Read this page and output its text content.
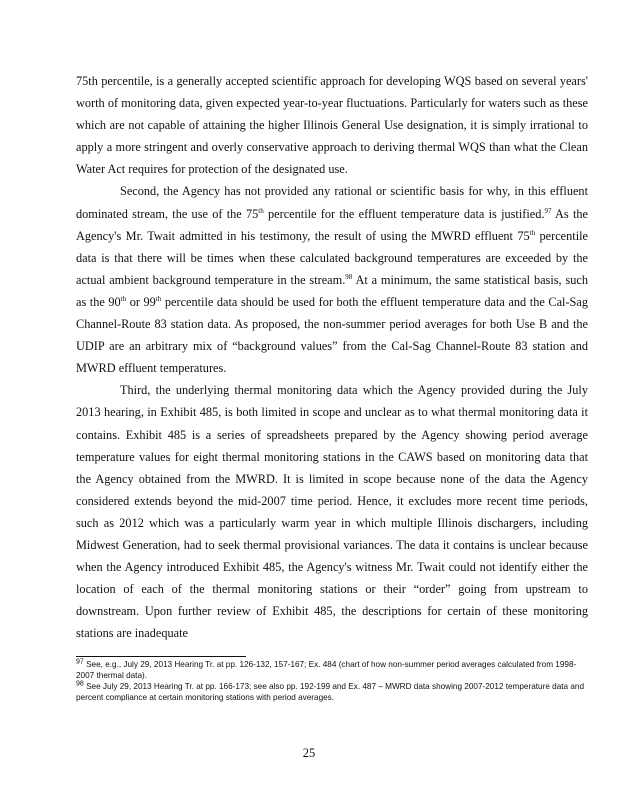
75th percentile, is a generally accepted scientific approach for developing WQS based on several years' worth of monitoring data, given expected year-to-year fluctuations. Particularly for waters such as these which are not capable of attaining the higher Illinois General Use designation, it is simply irrational to apply a more stringent and overly conservative approach to deriving thermal WQS than what the Clean Water Act requires for protection of the designated use.

Second, the Agency has not provided any rational or scientific basis for why, in this effluent dominated stream, the use of the 75th percentile for the effluent temperature data is justified.$^{97}$ As the Agency's Mr. Twait admitted in his testimony, the result of using the MWRD effluent 75th percentile data is that there will be times when these calculated background temperatures are exceeded by the actual ambient background temperature in the stream.$^{98}$ At a minimum, the same statistical basis, such as the 90th or 99th percentile data should be used for both the effluent temperature data and the Cal-Sag Channel-Route 83 station data. As proposed, the non-summer period averages for both Use B and the UDIP are an arbitrary mix of “background values” from the Cal-Sag Channel-Route 83 station and MWRD effluent temperatures.

Third, the underlying thermal monitoring data which the Agency provided during the July 2013 hearing, in Exhibit 485, is both limited in scope and unclear as to what thermal monitoring data it contains. Exhibit 485 is a series of spreadsheets prepared by the Agency showing period average temperature values for eight thermal monitoring stations in the CAWS based on monitoring data that the Agency obtained from the MWRD. It is limited in scope because none of the data the Agency considered extends beyond the mid-2007 time period. Hence, it excludes more recent time periods, such as 2012 which was a particularly warm year in which multiple Illinois dischargers, including Midwest Generation, had to seek thermal provisional variances. The data it contains is unclear because when the Agency introduced Exhibit 485, the Agency's witness Mr. Twait could not identify either the location of each of the thermal monitoring stations or their “order” going from upstream to downstream. Upon further review of Exhibit 485, the descriptions for certain of these monitoring stations are inadequate

$^{97}$ See, e.g., July 29, 2013 Hearing Tr. at pp. 126-132, 157-167; Ex. 484 (chart of how non-summer period averages calculated from 1998-2007 thermal data).

$^{98}$ See July 29, 2013 Hearing Tr. at pp. 166-173; see also pp. 192-199 and Ex. 487 – MWRD data showing 2007-2012 temperature data and percent compliance at certain monitoring stations with period averages.

25
